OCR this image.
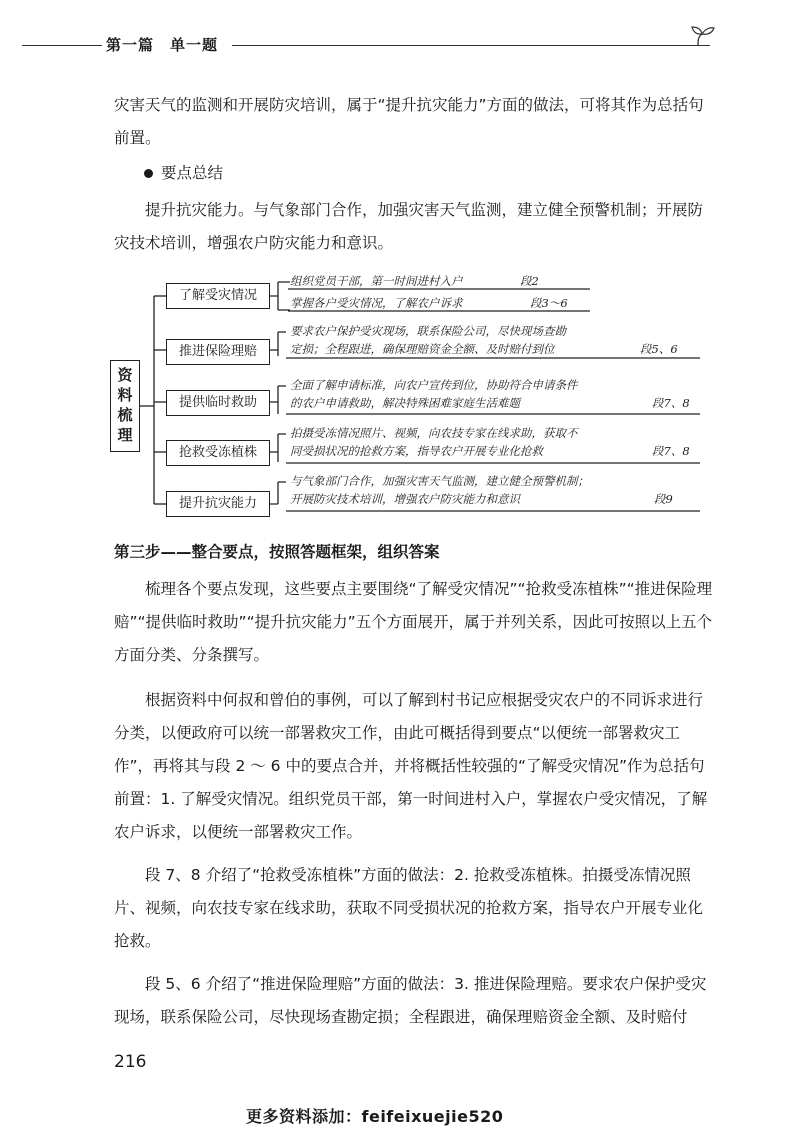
第一篇　单一题

灾害天气的监测和开展防灾培训，属于“提升抗灾能力”方面的做法，可将其作为总括句前置。

要点总结

提升抗灾能力。与气象部门合作，加强灾害天气监测，建立健全预警机制；开展防灾技术培训，增强农户防灾能力和意识。

资料梳理
了解受灾情况
组织党员干部，第一时间进村入户	段2
掌握各户受灾情况，了解农户诉求	段3～6
推进保险理赔
要求农户保护受灾现场，联系保险公司，尽快现场查勘
定损；全程跟进，确保理赔资金全额、及时赔付到位	段5、6
提供临时救助
全面了解申请标准，向农户宣传到位，协助符合申请条件
的农户申请救助，解决特殊困难家庭生活难题	段7、8
抢救受冻植株
拍摄受冻情况照片、视频，向农技专家在线求助，获取不
同受损状况的抢救方案，指导农户开展专业化抢救	段7、8
提升抗灾能力
与气象部门合作，加强灾害天气监测，建立健全预警机制；
开展防灾技术培训，增强农户防灾能力和意识	段9

第三步——整合要点，按照答题框架，组织答案

梳理各个要点发现，这些要点主要围绕“了解受灾情况”“抢救受冻植株”“推进保险理赔”“提供临时救助”“提升抗灾能力”五个方面展开，属于并列关系，因此可按照以上五个方面分类、分条撰写。

根据资料中何叔和曾伯的事例，可以了解到村书记应根据受灾农户的不同诉求进行分类，以便政府可以统一部署救灾工作，由此可概括得到要点“以便统一部署救灾工作”，再将其与段 2 ～ 6 中的要点合并，并将概括性较强的“了解受灾情况”作为总括句前置：1. 了解受灾情况。组织党员干部，第一时间进村入户，掌握农户受灾情况，了解农户诉求，以便统一部署救灾工作。

段 7、8 介绍了“抢救受冻植株”方面的做法：2. 抢救受冻植株。拍摄受冻情况照片、视频，向农技专家在线求助，获取不同受损状况的抢救方案，指导农户开展专业化抢救。

段 5、6 介绍了“推进保险理赔”方面的做法：3. 推进保险理赔。要求农户保护受灾现场，联系保险公司，尽快现场查勘定损；全程跟进，确保理赔资金全额、及时赔付

216
更多资料添加：feifeixuejie520
